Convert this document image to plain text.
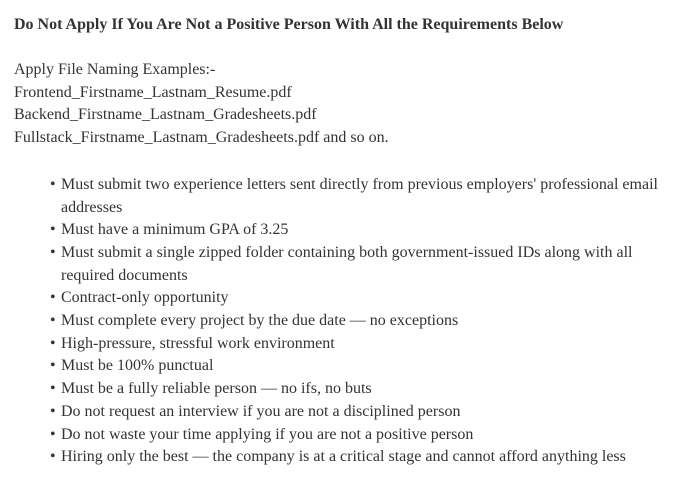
Do Not Apply If You Are Not a Positive Person With All the Requirements Below

Apply File Naming Examples:-
Frontend_Firstname_Lastnam_Resume.pdf
Backend_Firstname_Lastnam_Gradesheets.pdf
Fullstack_Firstname_Lastnam_Gradesheets.pdf and so on.
• Must submit two experience letters sent directly from previous employers' professional email addresses
• Must have a minimum GPA of 3.25
• Must submit a single zipped folder containing both government-issued IDs along with all required documents
• Contract-only opportunity
• Must complete every project by the due date — no exceptions
• High-pressure, stressful work environment
• Must be 100% punctual
• Must be a fully reliable person — no ifs, no buts
• Do not request an interview if you are not a disciplined person
• Do not waste your time applying if you are not a positive person
• Hiring only the best — the company is at a critical stage and cannot afford anything less
